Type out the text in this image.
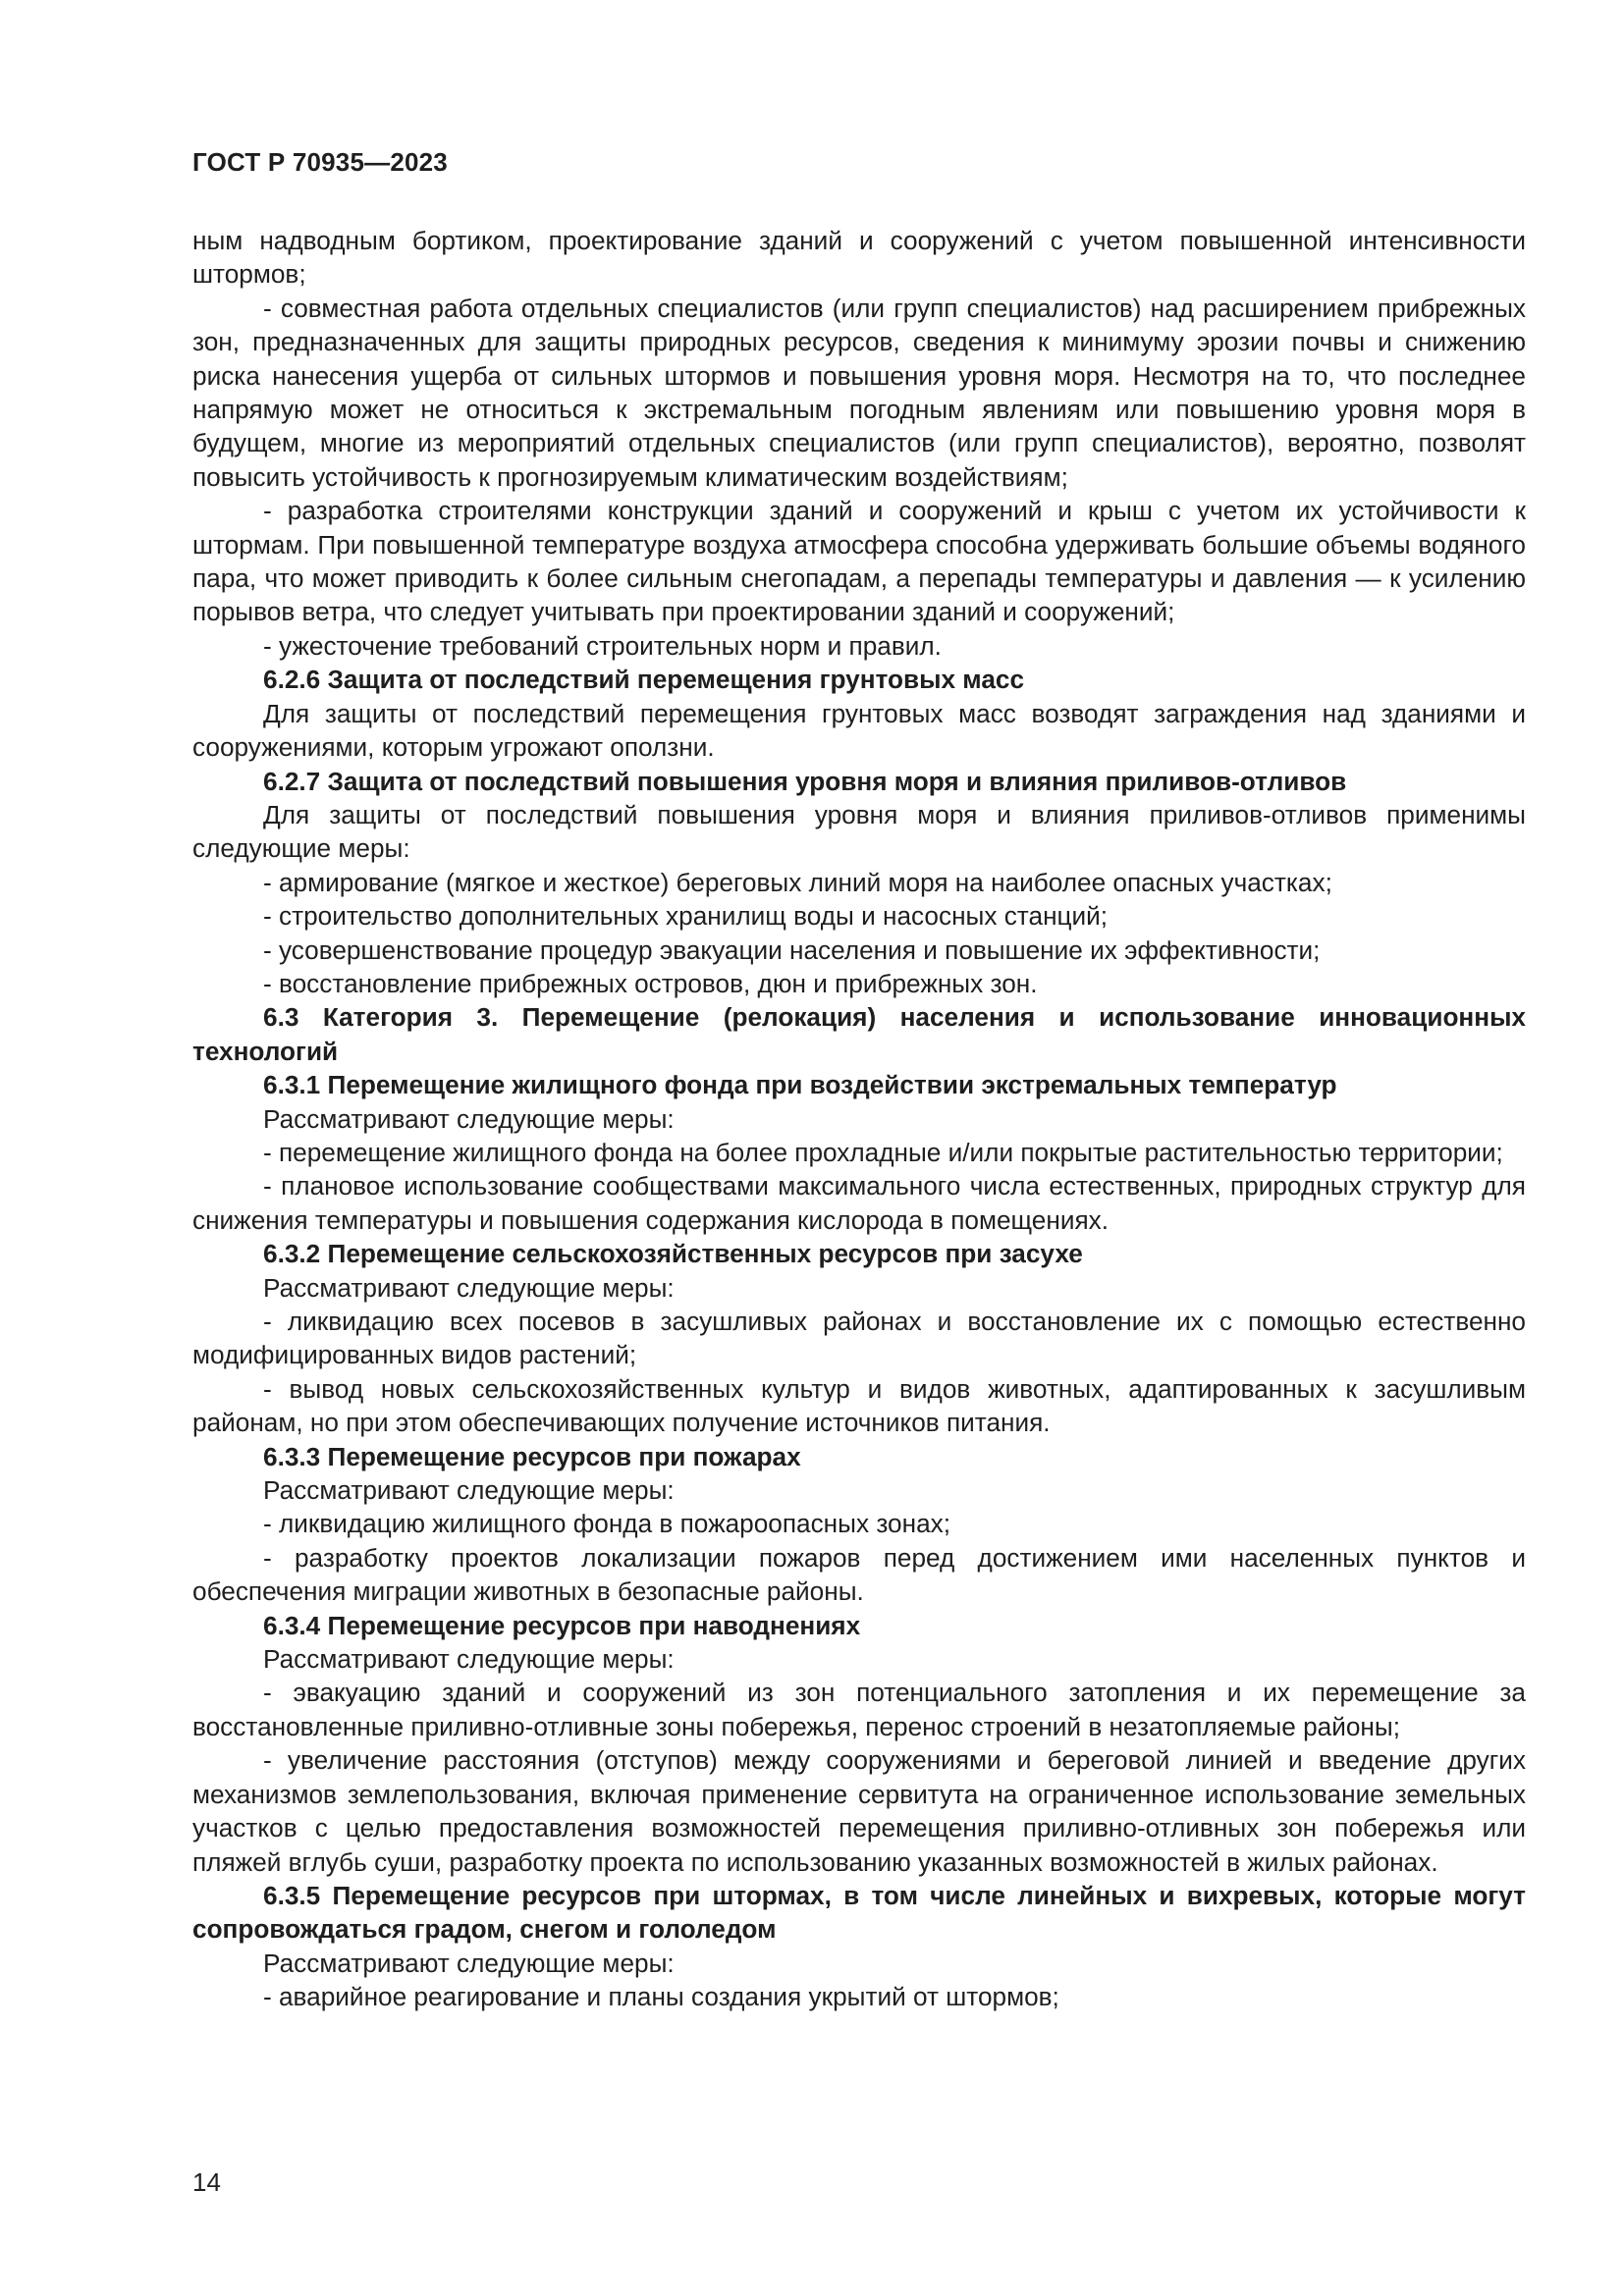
ГОСТ Р 70935—2023

ным надводным бортиком, проектирование зданий и сооружений с учетом повышенной интенсивности штормов;

- совместная работа отдельных специалистов (или групп специалистов) над расширением прибрежных зон, предназначенных для защиты природных ресурсов, сведения к минимуму эрозии почвы и снижению риска нанесения ущерба от сильных штормов и повышения уровня моря. Несмотря на то, что последнее напрямую может не относиться к экстремальным погодным явлениям или повышению уровня моря в будущем, многие из мероприятий отдельных специалистов (или групп специалистов), вероятно, позволят повысить устойчивость к прогнозируемым климатическим воздействиям;

- разработка строителями конструкции зданий и сооружений и крыш с учетом их устойчивости к штормам. При повышенной температуре воздуха атмосфера способна удерживать большие объемы водяного пара, что может приводить к более сильным снегопадам, а перепады температуры и давления — к усилению порывов ветра, что следует учитывать при проектировании зданий и сооружений;

- ужесточение требований строительных норм и правил.

6.2.6 Защита от последствий перемещения грунтовых масс

Для защиты от последствий перемещения грунтовых масс возводят заграждения над зданиями и сооружениями, которым угрожают оползни.

6.2.7 Защита от последствий повышения уровня моря и влияния приливов-отливов

Для защиты от последствий повышения уровня моря и влияния приливов-отливов применимы следующие меры:

- армирование (мягкое и жесткое) береговых линий моря на наиболее опасных участках;

- строительство дополнительных хранилищ воды и насосных станций;

- усовершенствование процедур эвакуации населения и повышение их эффективности;

- восстановление прибрежных островов, дюн и прибрежных зон.

6.3 Категория 3. Перемещение (релокация) населения и использование инновационных технологий

6.3.1 Перемещение жилищного фонда при воздействии экстремальных температур

Рассматривают следующие меры:

- перемещение жилищного фонда на более прохладные и/или покрытые растительностью территории;

- плановое использование сообществами максимального числа естественных, природных структур для снижения температуры и повышения содержания кислорода в помещениях.

6.3.2 Перемещение сельскохозяйственных ресурсов при засухе

Рассматривают следующие меры:

- ликвидацию всех посевов в засушливых районах и восстановление их с помощью естественно модифицированных видов растений;

- вывод новых сельскохозяйственных культур и видов животных, адаптированных к засушливым районам, но при этом обеспечивающих получение источников питания.

6.3.3 Перемещение ресурсов при пожарах

Рассматривают следующие меры:

- ликвидацию жилищного фонда в пожароопасных зонах;

- разработку проектов локализации пожаров перед достижением ими населенных пунктов и обеспечения миграции животных в безопасные районы.

6.3.4 Перемещение ресурсов при наводнениях

Рассматривают следующие меры:

- эвакуацию зданий и сооружений из зон потенциального затопления и их перемещение за восстановленные приливно-отливные зоны побережья, перенос строений в незатопляемые районы;

- увеличение расстояния (отступов) между сооружениями и береговой линией и введение других механизмов землепользования, включая применение сервитута на ограниченное использование земельных участков с целью предоставления возможностей перемещения приливно-отливных зон побережья или пляжей вглубь суши, разработку проекта по использованию указанных возможностей в жилых районах.

6.3.5 Перемещение ресурсов при штормах, в том числе линейных и вихревых, которые могут сопровождаться градом, снегом и гололедом

Рассматривают следующие меры:

- аварийное реагирование и планы создания укрытий от штормов;

14
